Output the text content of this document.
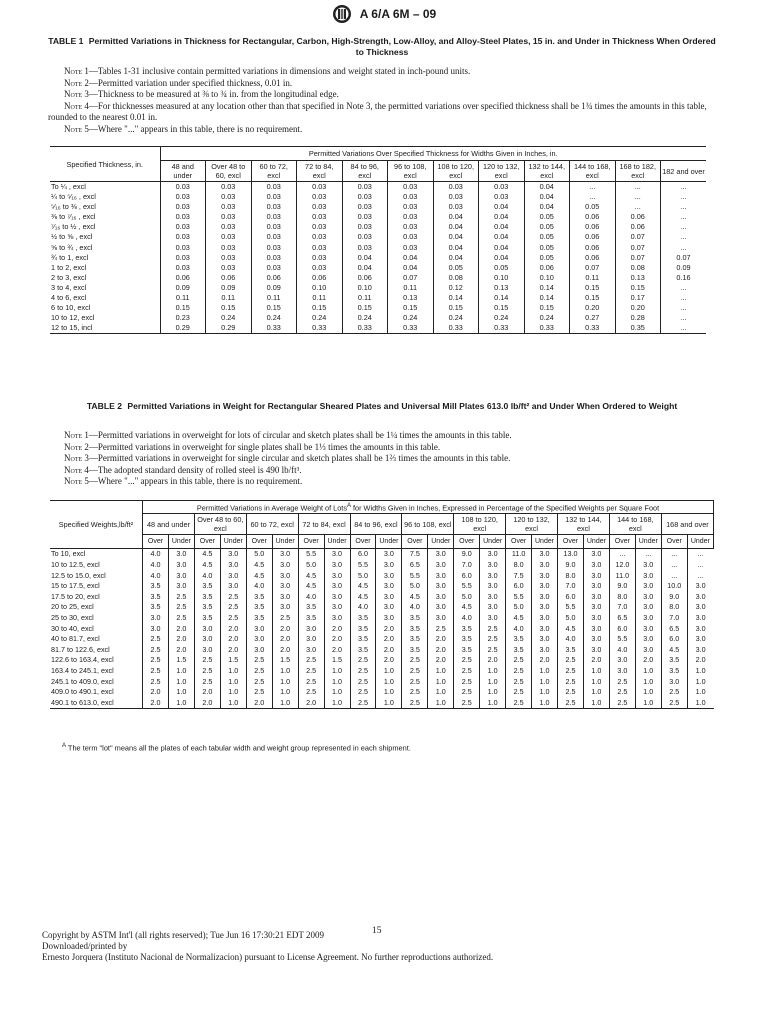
A 6/A 6M – 09
TABLE 1 Permitted Variations in Thickness for Rectangular, Carbon, High-Strength, Low-Alloy, and Alloy-Steel Plates, 15 in. and Under in Thickness When Ordered to Thickness

Note 1—Tables 1-31 inclusive contain permitted variations in dimensions and weight stated in inch-pound units.

Note 2—Permitted variation under specified thickness, 0.01 in.

Note 3—Thickness to be measured at ⅜ to ¾ in. from the longitudinal edge.

Note 4—For thicknesses measured at any location other than that specified in Note 3, the permitted variations over specified thickness shall be 1¾ times the amounts in this table, rounded to the nearest 0.01 in.

Note 5—Where "..." appears in this table, there is no requirement.

Specified Thickness, in.	Permitted Variations Over Specified Thickness for Widths Given in Inches, in.											
	48 and under	Over 48 to 60, excl	60 to 72, excl	72 to 84, excl	84 to 96, excl	96 to 108, excl	108 to 120, excl	120 to 132, excl	132 to 144, excl	144 to 168, excl	168 to 182, excl	182 and over
To ¼ , excl	0.03	0.03	0.03	0.03	0.03	0.03	0.03	0.03	0.04	...	...	...
¼ to ⁵⁄₁₆ , excl	0.03	0.03	0.03	0.03	0.03	0.03	0.03	0.03	0.04	...	...	...
⁵⁄₁₆ to ⅜ , excl	0.03	0.03	0.03	0.03	0.03	0.03	0.03	0.04	0.04	0.05	...	...
⅜ to ⁷⁄₁₆ , excl	0.03	0.03	0.03	0.03	0.03	0.03	0.04	0.04	0.05	0.06	0.06	...
⁷⁄₁₆ to ½ , excl	0.03	0.03	0.03	0.03	0.03	0.03	0.04	0.04	0.05	0.06	0.06	...
½ to ⅝ , excl	0.03	0.03	0.03	0.03	0.03	0.03	0.04	0.04	0.05	0.06	0.07	...
⅝ to ¾ , excl	0.03	0.03	0.03	0.03	0.03	0.03	0.04	0.04	0.05	0.06	0.07	...
¾ to 1, excl	0.03	0.03	0.03	0.03	0.04	0.04	0.04	0.04	0.05	0.06	0.07	0.07
1 to 2, excl	0.03	0.03	0.03	0.03	0.04	0.04	0.05	0.05	0.06	0.07	0.08	0.09
2 to 3, excl	0.06	0.06	0.06	0.06	0.06	0.07	0.08	0.10	0.10	0.11	0.13	0.16
3 to 4, excl	0.09	0.09	0.09	0.10	0.10	0.11	0.12	0.13	0.14	0.15	0.15	...
4 to 6, excl	0.11	0.11	0.11	0.11	0.11	0.13	0.14	0.14	0.14	0.15	0.17	...
6 to 10, excl	0.15	0.15	0.15	0.15	0.15	0.15	0.15	0.15	0.15	0.20	0.20	...
10 to 12, excl	0.23	0.24	0.24	0.24	0.24	0.24	0.24	0.24	0.24	0.27	0.28	...
12 to 15, incl	0.29	0.29	0.33	0.33	0.33	0.33	0.33	0.33	0.33	0.33	0.35	...
TABLE 2 Permitted Variations in Weight for Rectangular Sheared Plates and Universal Mill Plates 613.0 lb/ft² and Under When Ordered to Weight

Note 1—Permitted variations in overweight for lots of circular and sketch plates shall be 1¼ times the amounts in this table.

Note 2—Permitted variations in overweight for single plates shall be 1⅓ times the amounts in this table.

Note 3—Permitted variations in overweight for single circular and sketch plates shall be 1⅔ times the amounts in this table.

Note 4—The adopted standard density of rolled steel is 490 lb/ft³.

Note 5—Where "..." appears in this table, there is no requirement.

Specified Weights,lb/ft²	Permitted Variations in Average Weight of Lots$^A$ for Widths Given in Inches, Expressed in Percentage of the Specified Weights per Square Foot																					
	48 and under		Over 48 to 60, excl		60 to 72, excl		72 to 84, excl		84 to 96, excl		96 to 108, excl		108 to 120, excl		120 to 132, excl		132 to 144, excl		144 to 168, excl		168 and over	
	Over	Under	Over	Under	Over	Under	Over	Under	Over	Under	Over	Under	Over	Under	Over	Under	Over	Under	Over	Under	Over	Under
To 10, excl	4.0	3.0	4.5	3.0	5.0	3.0	5.5	3.0	6.0	3.0	7.5	3.0	9.0	3.0	11.0	3.0	13.0	3.0	...	...	...	...
10 to 12.5, excl	4.0	3.0	4.5	3.0	4.5	3.0	5.0	3.0	5.5	3.0	6.5	3.0	7.0	3.0	8.0	3.0	9.0	3.0	12.0	3.0	...	...
12.5 to 15.0, excl	4.0	3.0	4.0	3.0	4.5	3.0	4.5	3.0	5.0	3.0	5.5	3.0	6.0	3.0	7.5	3.0	8.0	3.0	11.0	3.0	...	...
15 to 17.5, excl	3.5	3.0	3.5	3.0	4.0	3.0	4.5	3.0	4.5	3.0	5.0	3.0	5.5	3.0	6.0	3.0	7.0	3.0	9.0	3.0	10.0	3.0
17.5 to 20, excl	3.5	2.5	3.5	2.5	3.5	3.0	4.0	3.0	4.5	3.0	4.5	3.0	5.0	3.0	5.5	3.0	6.0	3.0	8.0	3.0	9.0	3.0
20 to 25, excl	3.5	2.5	3.5	2.5	3.5	3.0	3.5	3.0	4.0	3.0	4.0	3.0	4.5	3.0	5.0	3.0	5.5	3.0	7.0	3.0	8.0	3.0
25 to 30, excl	3.0	2.5	3.5	2.5	3.5	2.5	3.5	3.0	3.5	3.0	3.5	3.0	4.0	3.0	4.5	3.0	5.0	3.0	6.5	3.0	7.0	3.0
30 to 40, excl	3.0	2.0	3.0	2.0	3.0	2.0	3.0	2.0	3.5	2.0	3.5	2.5	3.5	2.5	4.0	3.0	4.5	3.0	6.0	3.0	6.5	3.0
40 to 81.7, excl	2.5	2.0	3.0	2.0	3.0	2.0	3.0	2.0	3.5	2.0	3.5	2.0	3.5	2.5	3.5	3.0	4.0	3.0	5.5	3.0	6.0	3.0
81.7 to 122.6, excl	2.5	2.0	3.0	2.0	3.0	2.0	3.0	2.0	3.5	2.0	3.5	2.0	3.5	2.5	3.5	3.0	3.5	3.0	4.0	3.0	4.5	3.0
122.6 to 163.4, excl	2.5	1.5	2.5	1.5	2.5	1.5	2.5	1.5	2.5	2.0	2.5	2.0	2.5	2.0	2.5	2.0	2.5	2.0	3.0	2.0	3.5	2.0
163.4 to 245.1, excl	2.5	1.0	2.5	1.0	2.5	1.0	2.5	1.0	2.5	1.0	2.5	1.0	2.5	1.0	2.5	1.0	2.5	1.0	3.0	1.0	3.5	1.0
245.1 to 409.0, excl	2.5	1.0	2.5	1.0	2.5	1.0	2.5	1.0	2.5	1.0	2.5	1.0	2.5	1.0	2.5	1.0	2.5	1.0	2.5	1.0	3.0	1.0
409.0 to 490.1, excl	2.0	1.0	2.0	1.0	2.5	1.0	2.5	1.0	2.5	1.0	2.5	1.0	2.5	1.0	2.5	1.0	2.5	1.0	2.5	1.0	2.5	1.0
490.1 to 613.0, excl	2.0	1.0	2.0	1.0	2.0	1.0	2.0	1.0	2.5	1.0	2.5	1.0	2.5	1.0	2.5	1.0	2.5	1.0	2.5	1.0	2.5	1.0
$^A$ The term "lot" means all the plates of each tabular width and weight group represented in each shipment.
15
Copyright by ASTM Int'l (all rights reserved); Tue Jun 16 17:30:21 EDT 2009
Downloaded/printed by
Ernesto Jorquera (Instituto Nacional de Normalizacion) pursuant to License Agreement. No further reproductions authorized.
